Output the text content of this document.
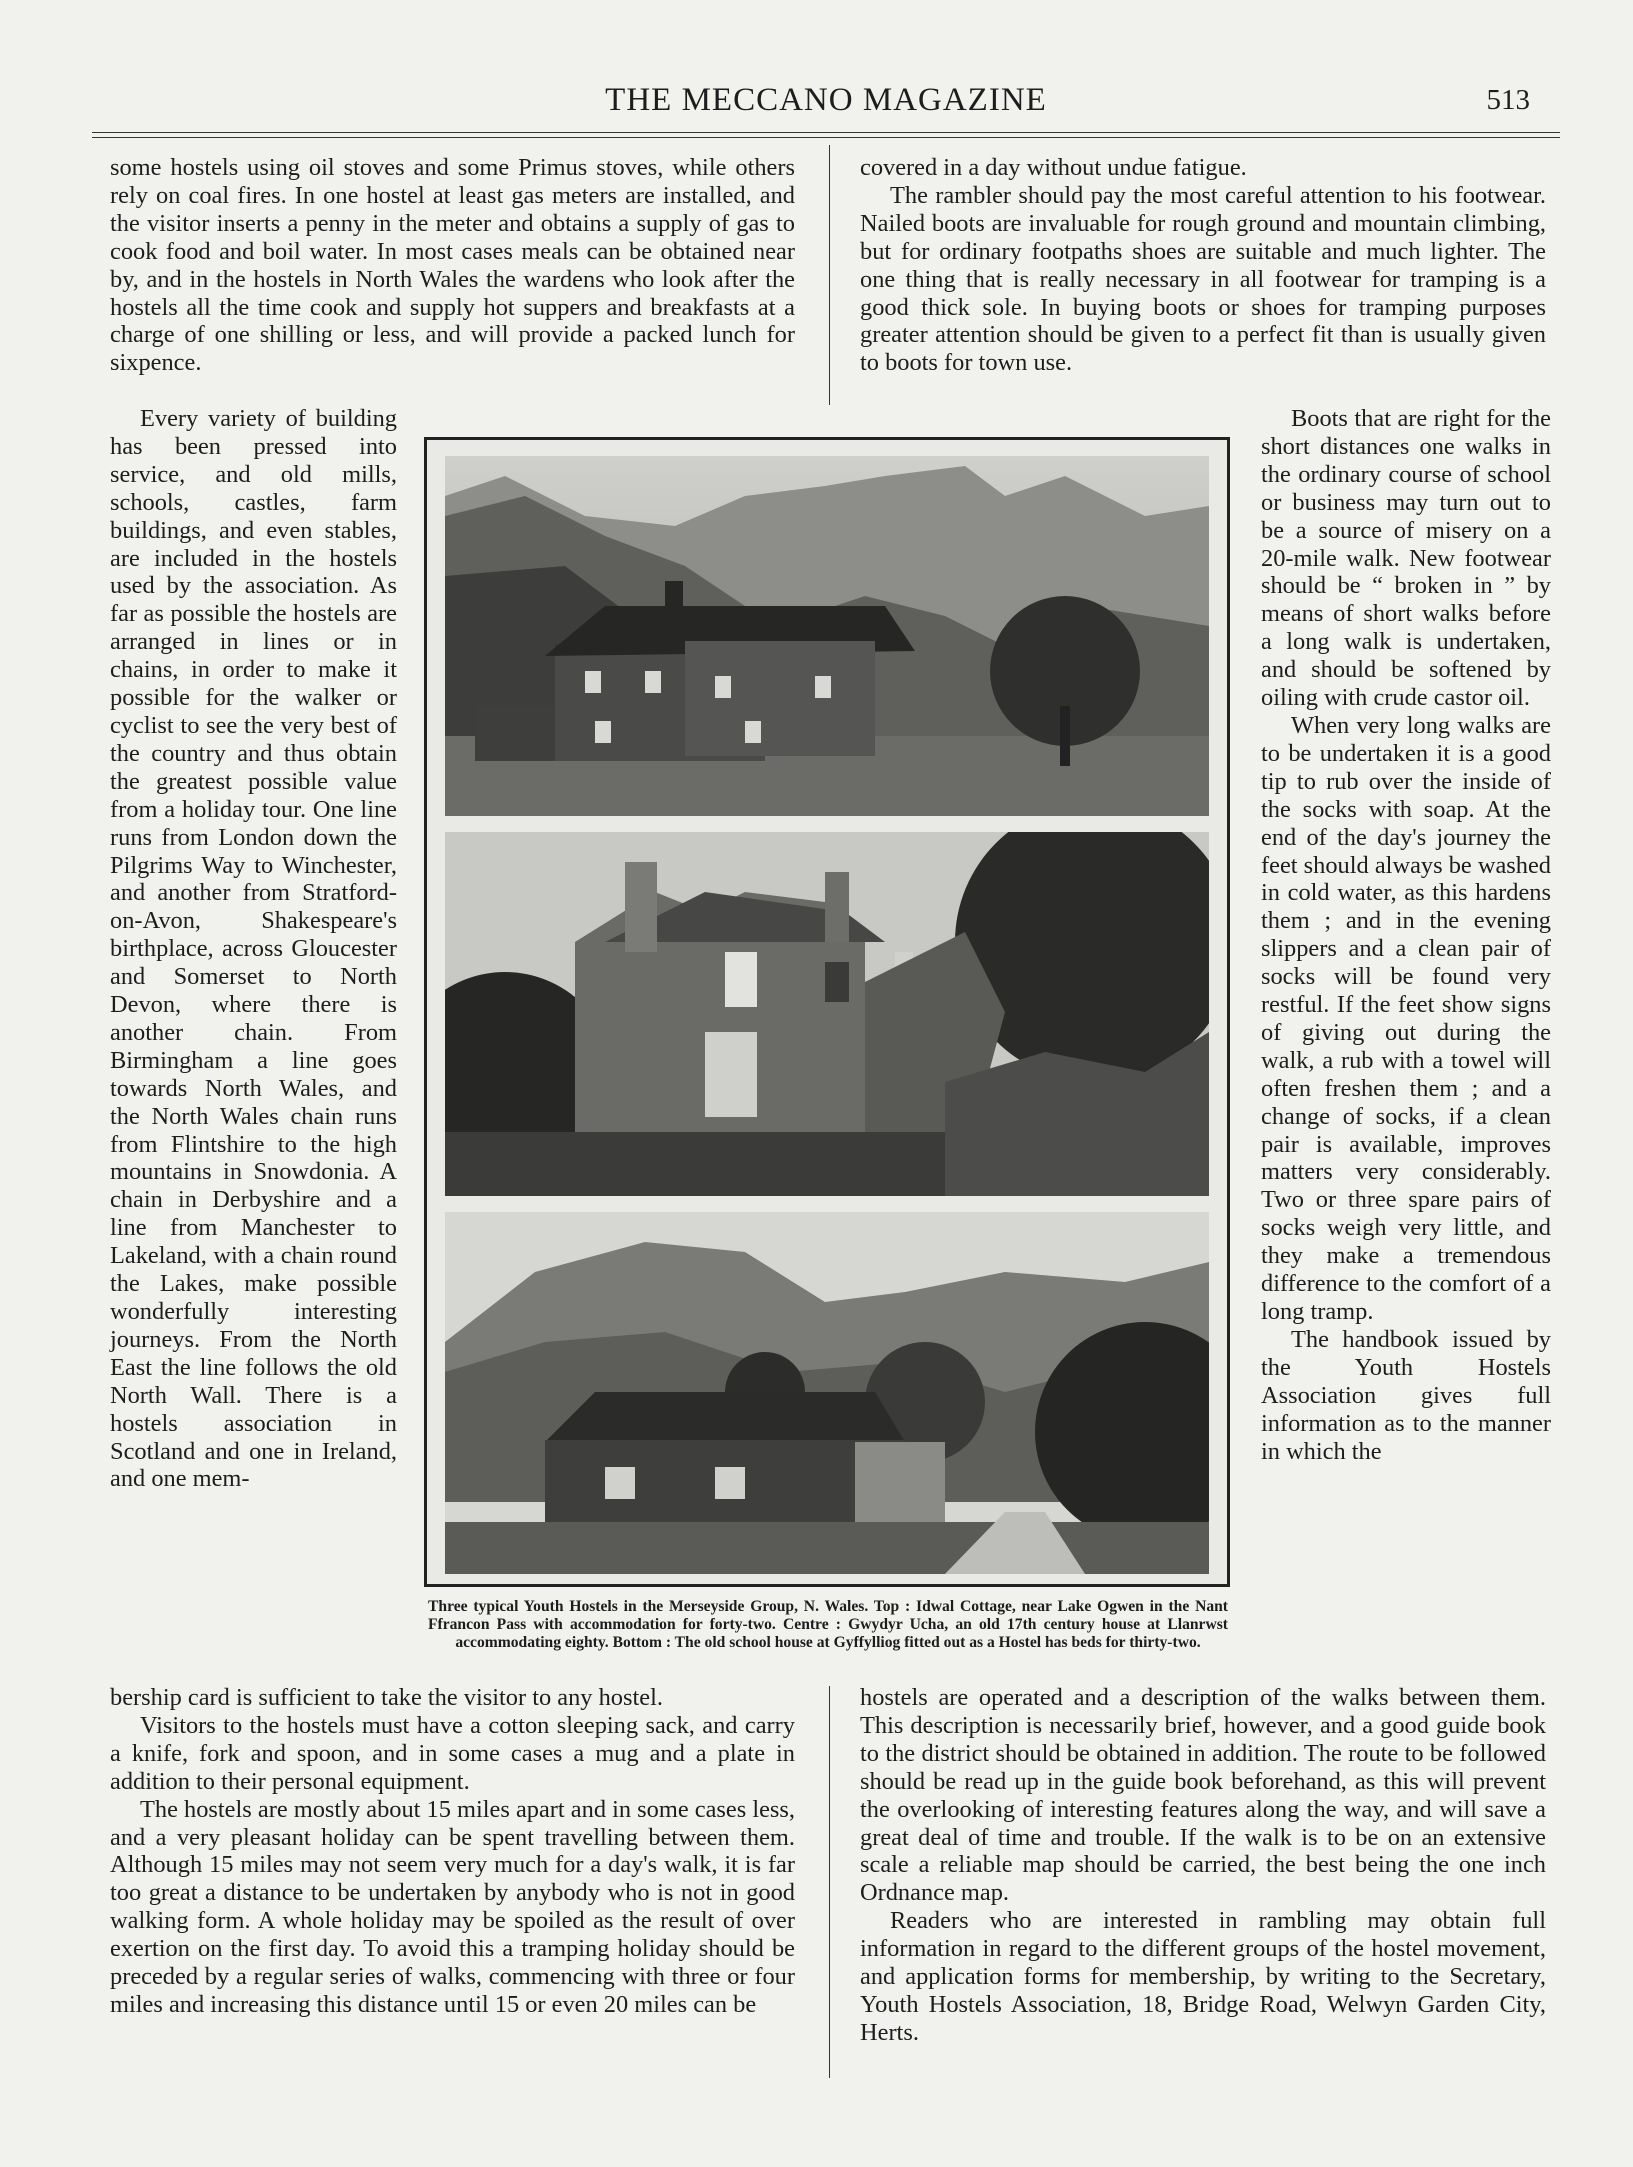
THE MECCANO MAGAZINE	513

some hostels using oil stoves and some Primus stoves, while others rely on coal fires. In one hostel at least gas meters are installed, and the visitor inserts a penny in the meter and obtains a supply of gas to cook food and boil water. In most cases meals can be obtained near by, and in the hostels in North Wales the wardens who look after the hostels all the time cook and supply hot suppers and breakfasts at a charge of one shilling or less, and will provide a packed lunch for sixpence.

Every variety of building has been pressed into service, and old mills, schools, castles, farm buildings, and even stables, are included in the hostels used by the association. As far as possible the hostels are arranged in lines or in chains, in order to make it possible for the walker or cyclist to see the very best of the country and thus obtain the greatest possible value from a holiday tour. One line runs from London down the Pilgrims Way to Winchester, and another from Stratford-on-Avon, Shakespeare's birthplace, across Gloucester and Somerset to North Devon, where there is another chain. From Birmingham a line goes towards North Wales, and the North Wales chain runs from Flintshire to the high mountains in Snowdonia. A chain in Derbyshire and a line from Manchester to Lakeland, with a chain round the Lakes, make possible wonderfully interesting journeys. From the North East the line follows the old North Wall. There is a hostels association in Scotland and one in Ireland, and one mem-

bership card is sufficient to take the visitor to any hostel.

Visitors to the hostels must have a cotton sleeping sack, and carry a knife, fork and spoon, and in some cases a mug and a plate in addition to their personal equipment.

The hostels are mostly about 15 miles apart and in some cases less, and a very pleasant holiday can be spent travelling between them. Although 15 miles may not seem very much for a day's walk, it is far too great a distance to be undertaken by anybody who is not in good walking form. A whole holiday may be spoiled as the result of over exertion on the first day. To avoid this a tramping holiday should be preceded by a regular series of walks, commencing with three or four miles and increasing this distance until 15 or even 20 miles can be

covered in a day without undue fatigue.

The rambler should pay the most careful attention to his footwear. Nailed boots are invaluable for rough ground and mountain climbing, but for ordinary footpaths shoes are suitable and much lighter. The one thing that is really necessary in all footwear for tramping is a good thick sole. In buying boots or shoes for tramping purposes greater attention should be given to a perfect fit than is usually given to boots for town use.

Boots that are right for the short distances one walks in the ordinary course of school or business may turn out to be a source of misery on a 20-mile walk. New footwear should be “ broken in ” by means of short walks before a long walk is undertaken, and should be softened by oiling with crude castor oil.

When very long walks are to be undertaken it is a good tip to rub over the inside of the socks with soap. At the end of the day's journey the feet should always be washed in cold water, as this hardens them ; and in the evening slippers and a clean pair of socks will be found very restful. If the feet show signs of giving out during the walk, a rub with a towel will often freshen them ; and a change of socks, if a clean pair is available, improves matters very considerably. Two or three spare pairs of socks weigh very little, and they make a tremendous difference to the comfort of a long tramp.

The handbook issued by the Youth Hostels Association gives full information as to the manner in which the

hostels are operated and a description of the walks between them. This description is necessarily brief, however, and a good guide book to the district should be obtained in addition. The route to be followed should be read up in the guide book beforehand, as this will prevent the overlooking of interesting features along the way, and will save a great deal of time and trouble. If the walk is to be on an extensive scale a reliable map should be carried, the best being the one inch Ordnance map.

Readers who are interested in rambling may obtain full information in regard to the different groups of the hostel movement, and application forms for membership, by writing to the Secretary, Youth Hostels Association, 18, Bridge Road, Welwyn Garden City, Herts.

Three typical Youth Hostels in the Merseyside Group, N. Wales. Top : Idwal Cottage, near Lake Ogwen in the Nant Ffrancon Pass with accommodation for forty-two. Centre : Gwydyr Ucha, an old 17th century house at Llanrwst accommodating eighty. Bottom : The old school house at Gyffylliog fitted out as a Hostel has beds for thirty-two.
